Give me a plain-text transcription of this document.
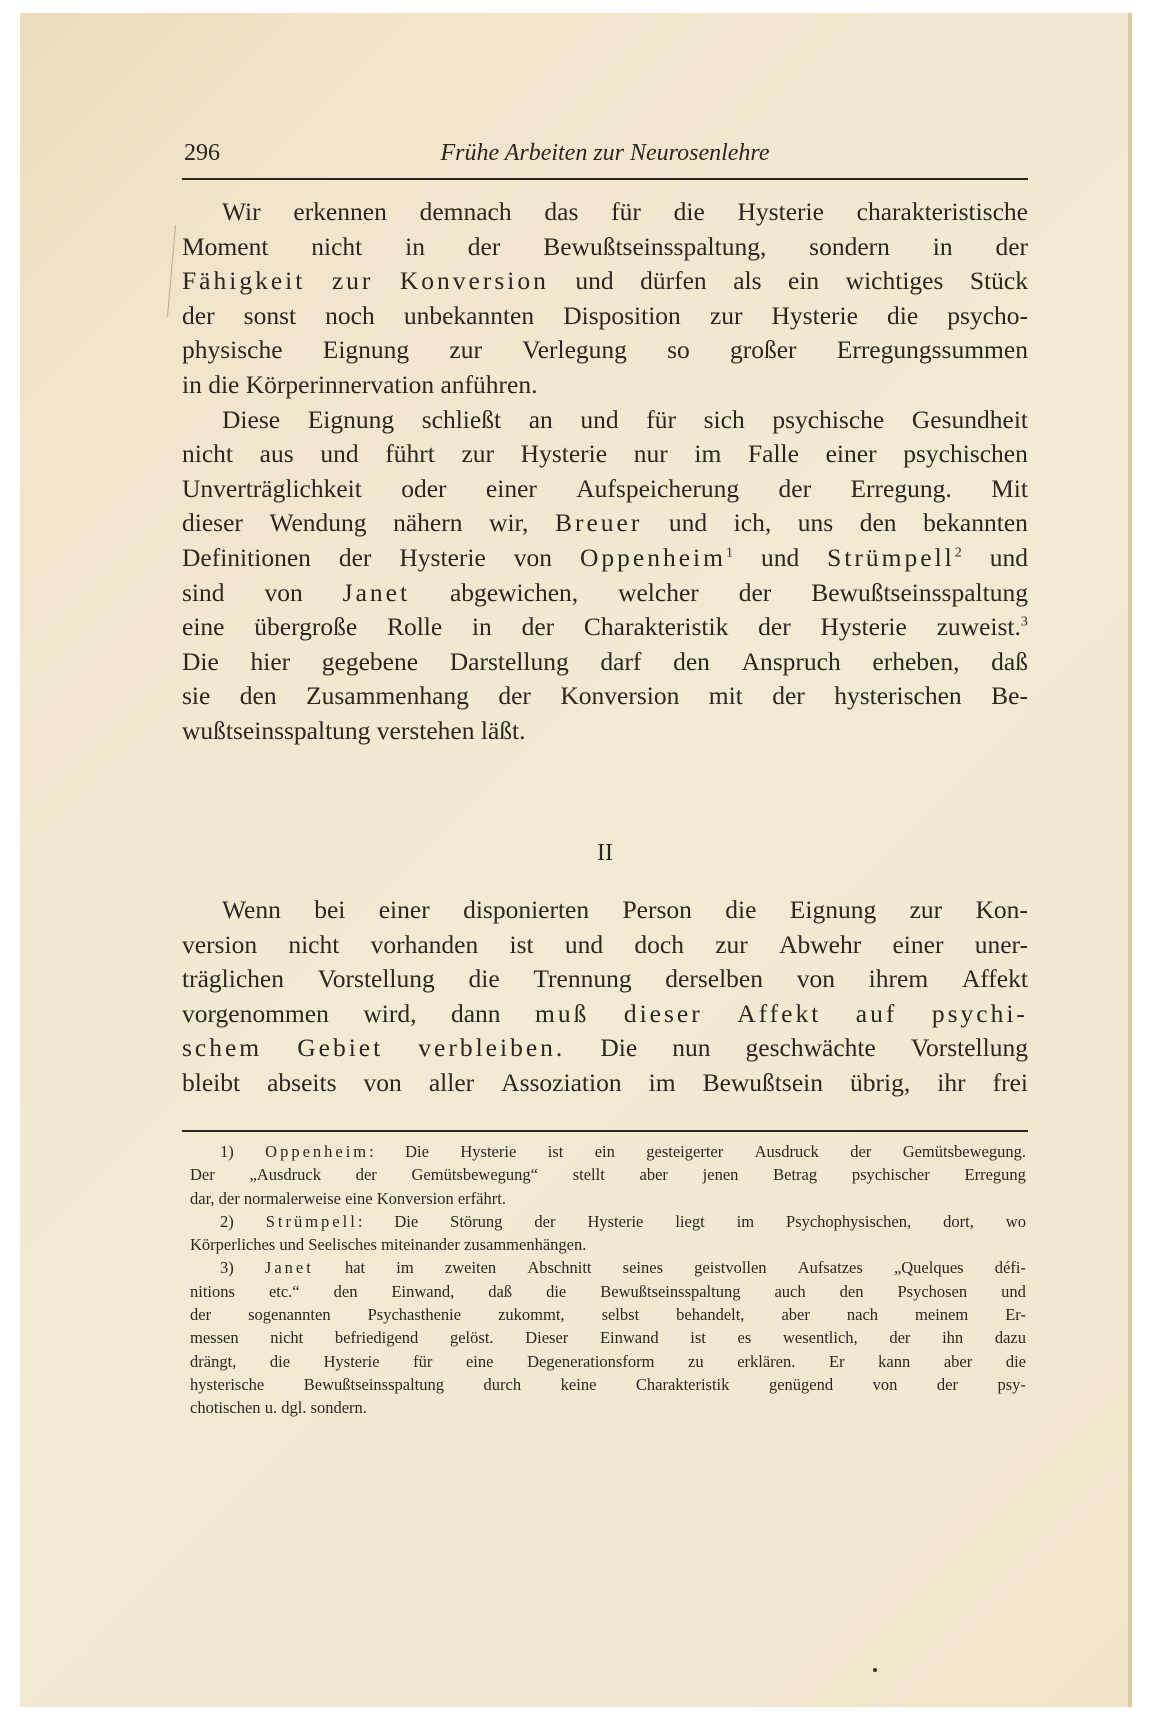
296	Frühe Arbeiten zur Neurosenlehre
Wir erkennen demnach das für die Hysterie charakteristische
Moment nicht in der Bewußtseinsspaltung, sondern in der
Fähigkeit zur Konversion und dürfen als ein wichtiges Stück
der sonst noch unbekannten Disposition zur Hysterie die psycho-
physische Eignung zur Verlegung so großer Erregungssummen
in die Körperinnervation anführen.
Diese Eignung schließt an und für sich psychische Gesundheit
nicht aus und führt zur Hysterie nur im Falle einer psychischen
Unverträglichkeit oder einer Aufspeicherung der Erregung. Mit
dieser Wendung nähern wir, Breuer und ich, uns den bekannten
Definitionen der Hysterie von Oppenheim$^1$ und Strümpell$^2$ und
sind von Janet abgewichen, welcher der Bewußtseinsspaltung
eine übergroße Rolle in der Charakteristik der Hysterie zuweist.$^3$
Die hier gegebene Darstellung darf den Anspruch erheben, daß
sie den Zusammenhang der Konversion mit der hysterischen Be-
wußtseinsspaltung verstehen läßt.
II
Wenn bei einer disponierten Person die Eignung zur Kon-
version nicht vorhanden ist und doch zur Abwehr einer uner-
träglichen Vorstellung die Trennung derselben von ihrem Affekt
vorgenommen wird, dann muß dieser Affekt auf psychi-
schem Gebiet verbleiben. Die nun geschwächte Vorstellung
bleibt abseits von aller Assoziation im Bewußtsein übrig, ihr frei
1) Oppenheim: Die Hysterie ist ein gesteigerter Ausdruck der Gemütsbewegung.
Der „Ausdruck der Gemütsbewegung“ stellt aber jenen Betrag psychischer Erregung
dar, der normalerweise eine Konversion erfährt.
2) Strümpell: Die Störung der Hysterie liegt im Psychophysischen, dort, wo
Körperliches und Seelisches miteinander zusammenhängen.
3) Janet hat im zweiten Abschnitt seines geistvollen Aufsatzes „Quelques défi-
nitions etc.“ den Einwand, daß die Bewußtseinsspaltung auch den Psychosen und
der sogenannten Psychasthenie zukommt, selbst behandelt, aber nach meinem Er-
messen nicht befriedigend gelöst. Dieser Einwand ist es wesentlich, der ihn dazu
drängt, die Hysterie für eine Degenerationsform zu erklären. Er kann aber die
hysterische Bewußtseinsspaltung durch keine Charakteristik genügend von der psy-
chotischen u. dgl. sondern.
